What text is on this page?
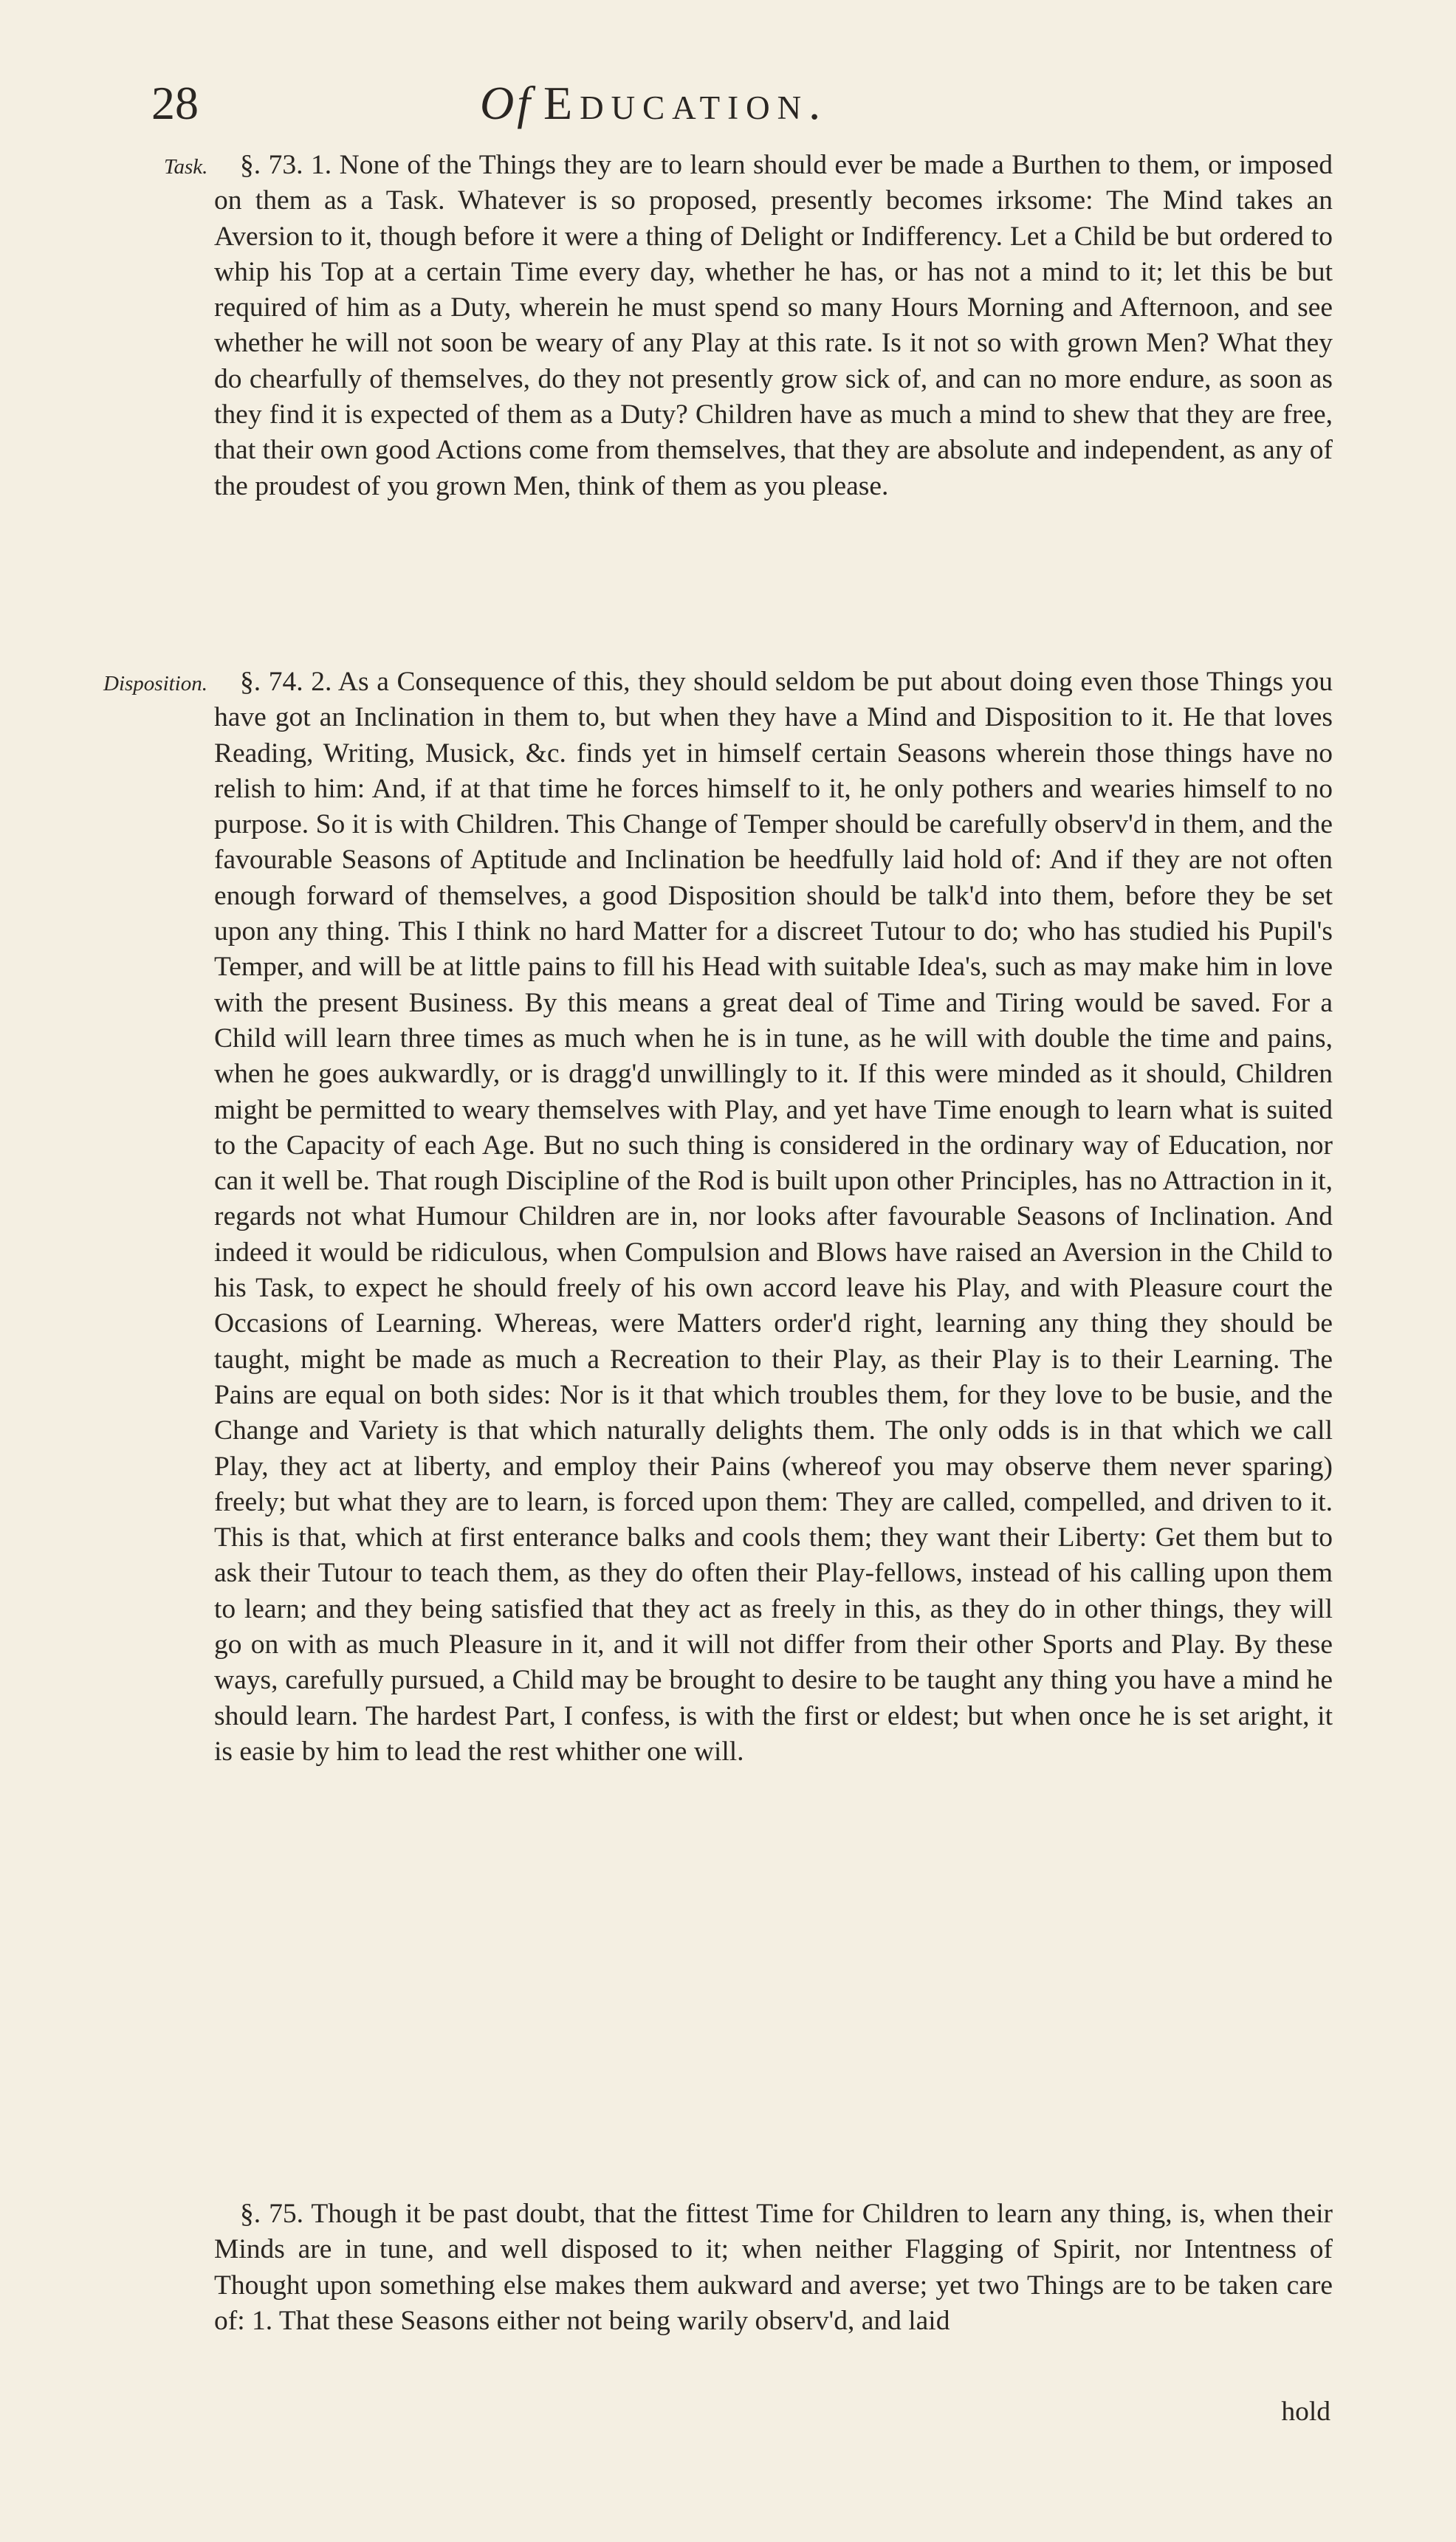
28	Of Education.
Task.	§. 73. 1. None of the Things they are to learn should ever be made a Burthen to them, or imposed on them as a Task. Whatever is so proposed, presently becomes irksome: The Mind takes an Aversion to it, though before it were a thing of Delight or Indifferency. Let a Child be but ordered to whip his Top at a certain Time every day, whether he has, or has not a mind to it; let this be but required of him as a Duty, wherein he must spend so many Hours Morning and Afternoon, and see whether he will not soon be weary of any Play at this rate. Is it not so with grown Men? What they do chearfully of themselves, do they not presently grow sick of, and can no more endure, as soon as they find it is expected of them as a Duty? Children have as much a mind to shew that they are free, that their own good Actions come from themselves, that they are absolute and independent, as any of the proudest of you grown Men, think of them as you please.

Disposition.	§. 74. 2. As a Consequence of this, they should seldom be put about doing even those Things you have got an Inclination in them to, but when they have a Mind and Disposition to it. He that loves Reading, Writing, Musick, &c. finds yet in himself certain Seasons wherein those things have no relish to him: And, if at that time he forces himself to it, he only pothers and wearies himself to no purpose. So it is with Children. This Change of Temper should be carefully observ'd in them, and the favourable Seasons of Aptitude and Inclination be heedfully laid hold of: And if they are not often enough forward of themselves, a good Disposition should be talk'd into them, before they be set upon any thing. This I think no hard Matter for a discreet Tutour to do; who has studied his Pupil's Temper, and will be at little pains to fill his Head with suitable Idea's, such as may make him in love with the present Business. By this means a great deal of Time and Tiring would be saved. For a Child will learn three times as much when he is in tune, as he will with double the time and pains, when he goes aukwardly, or is dragg'd unwillingly to it. If this were minded as it should, Children might be permitted to weary themselves with Play, and yet have Time enough to learn what is suited to the Capacity of each Age. But no such thing is considered in the ordinary way of Education, nor can it well be. That rough Discipline of the Rod is built upon other Principles, has no Attraction in it, regards not what Humour Children are in, nor looks after favourable Seasons of Inclination. And indeed it would be ridiculous, when Compulsion and Blows have raised an Aversion in the Child to his Task, to expect he should freely of his own accord leave his Play, and with Pleasure court the Occasions of Learning. Whereas, were Matters order'd right, learning any thing they should be taught, might be made as much a Recreation to their Play, as their Play is to their Learning. The Pains are equal on both sides: Nor is it that which troubles them, for they love to be busie, and the Change and Variety is that which naturally delights them. The only odds is in that which we call Play, they act at liberty, and employ their Pains (whereof you may observe them never sparing) freely; but what they are to learn, is forced upon them: They are called, compelled, and driven to it. This is that, which at first enterance balks and cools them; they want their Liberty: Get them but to ask their Tutour to teach them, as they do often their Play-fellows, instead of his calling upon them to learn; and they being satisfied that they act as freely in this, as they do in other things, they will go on with as much Pleasure in it, and it will not differ from their other Sports and Play. By these ways, carefully pursued, a Child may be brought to desire to be taught any thing you have a mind he should learn. The hardest Part, I confess, is with the first or eldest; but when once he is set aright, it is easie by him to lead the rest whither one will.

§. 75. Though it be past doubt, that the fittest Time for Children to learn any thing, is, when their Minds are in tune, and well disposed to it; when neither Flagging of Spirit, nor Intentness of Thought upon something else makes them aukward and averse; yet two Things are to be taken care of: 1. That these Seasons either not being warily observ'd, and laid

hold
